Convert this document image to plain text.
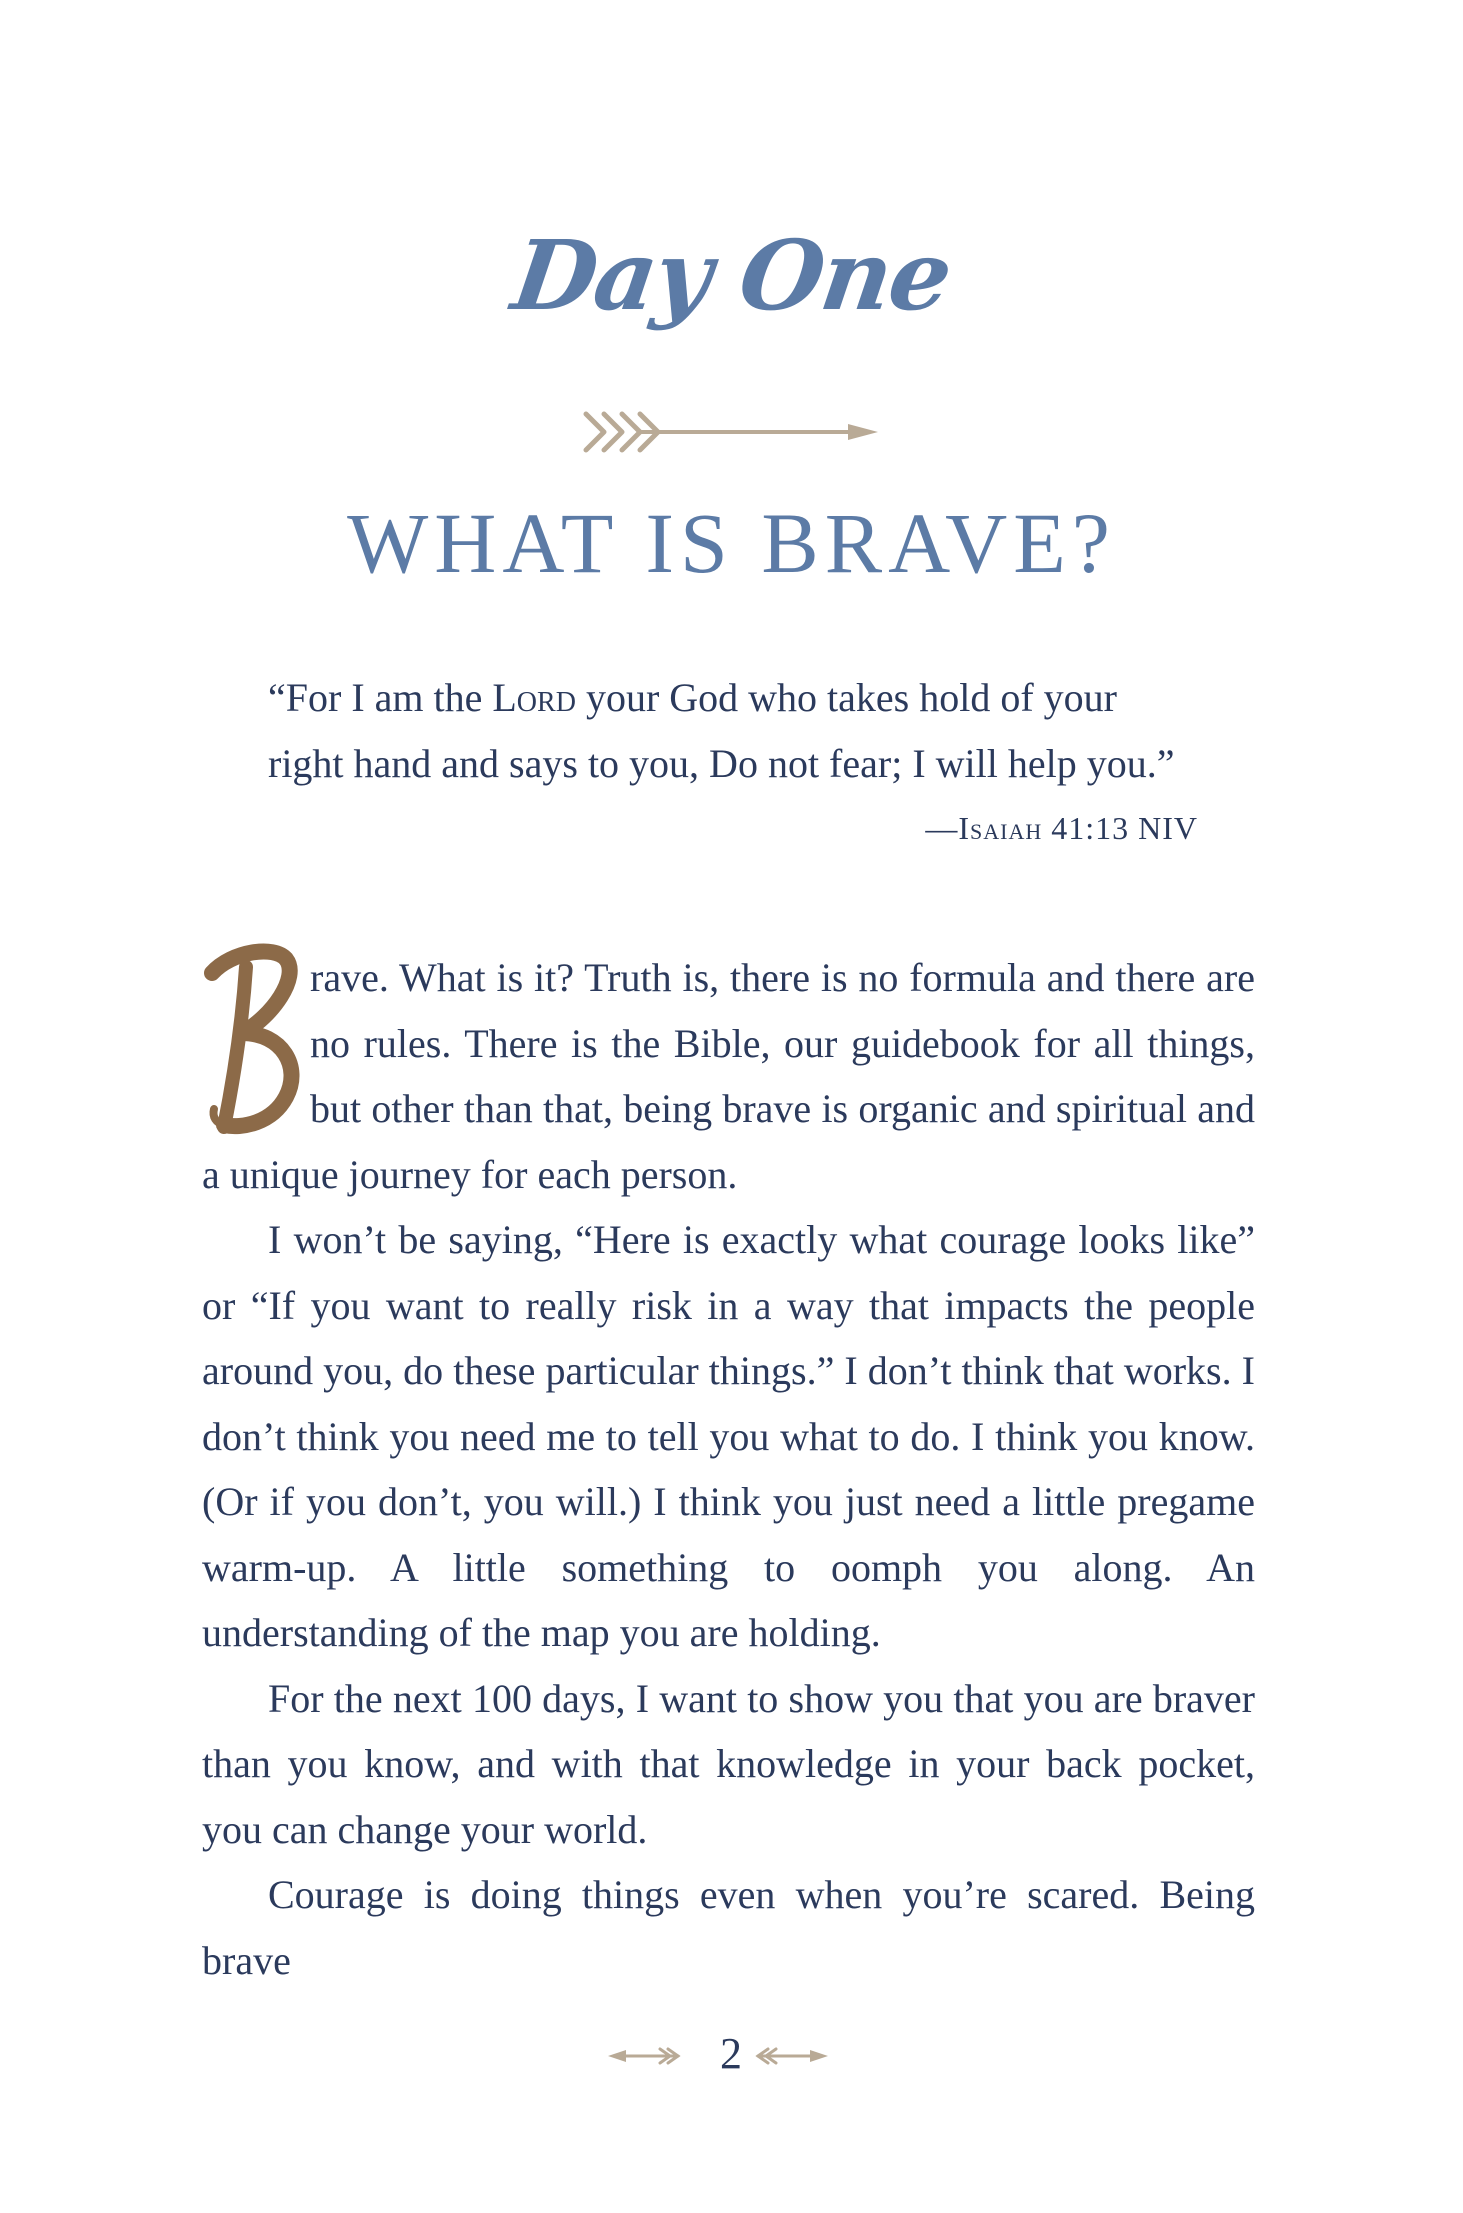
Day One
WHAT IS BRAVE?
“For I am the Lord your God who takes hold of your right hand and says to you, Do not fear; I will help you.”
—Isaiah 41:13 NIV

rave. What is it? Truth is, there is no formula and there are no rules. There is the Bible, our guidebook for all things, but other than that, being brave is organic and spiritual and a unique journey for each person.

I won’t be saying, “Here is exactly what courage looks like” or “If you want to really risk in a way that impacts the people around you, do these particular things.” I don’t think that works. I don’t think you need me to tell you what to do. I think you know. (Or if you don’t, you will.) I think you just need a little pregame warm-up. A little something to oomph you along. An understanding of the map you are holding.

For the next 100 days, I want to show you that you are braver than you know, and with that knowledge in your back pocket, you can change your world.

Courage is doing things even when you’re scared. Being brave

2
